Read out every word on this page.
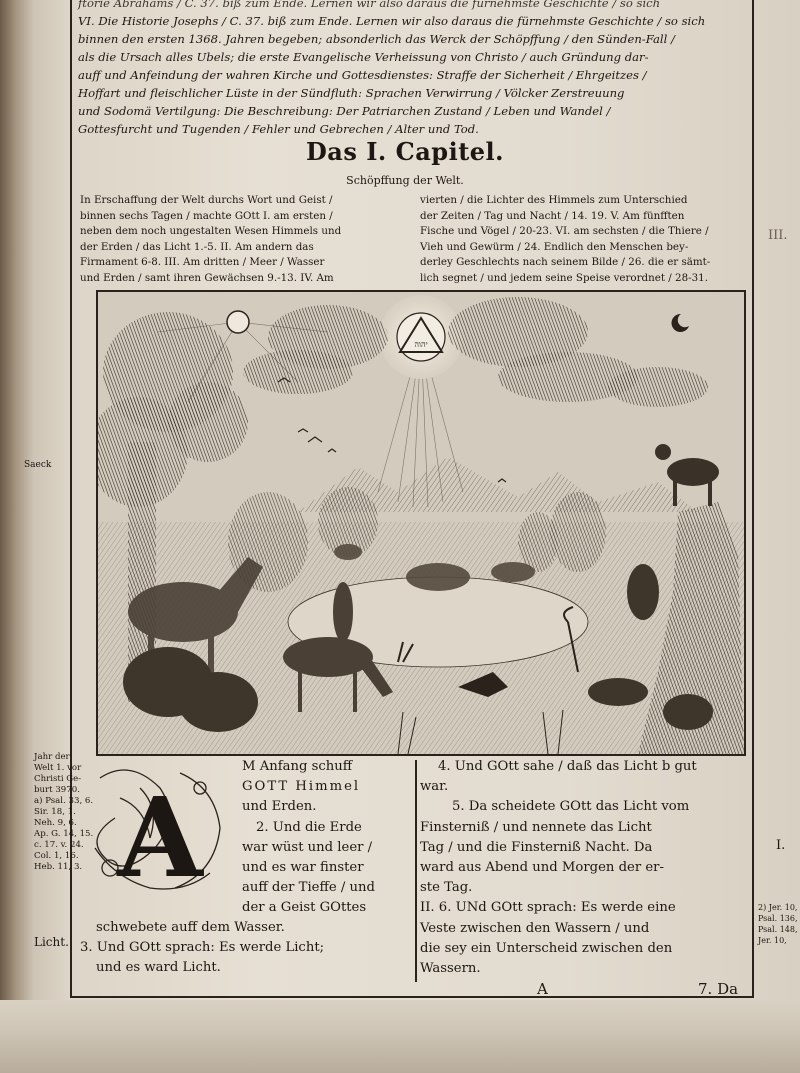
ftorie Abrahams / C. 37. biß zum Ende. Lernen wir also daraus die fürnehmste Geschichte / so sich
VI. Die Historie Josephs / C. 37. biß zum Ende. Lernen wir also daraus die fürnehmste Geschichte / so sich
binnen den ersten 1368. Jahren begeben; absonderlich das Werck der Schöpffung / den Sünden-Fall /
als die Ursach alles Ubels; die erste Evangelische Verheissung von Christo / auch Gründung dar-
auff und Anfeindung der wahren Kirche und Gottesdienstes: Straffe der Sicherheit / Ehrgeitzes /
Hoffart und fleischlicher Lüste in der Sündfluth: Sprachen Verwirrung / Völcker Zerstreuung
und Sodomä Vertilgung: Die Beschreibung: Der Patriarchen Zustand / Leben und Wandel /
Gottesfurcht und Tugenden / Fehler und Gebrechen / Alter und Tod.
Das I. Capitel.
Schöpffung der Welt.
In Erschaffung der Welt durchs Wort und Geist /
binnen sechs Tagen / machte GOtt I. am ersten /
neben dem noch ungestalten Wesen Himmels und
der Erden / das Licht 1.-5. II. Am andern das
Firmament 6-8. III. Am dritten / Meer / Wasser
und Erden / samt ihren Gewächsen 9.-13. IV. Am
vierten / die Lichter des Himmels zum Unterschied
der Zeiten / Tag und Nacht / 14. 19. V. Am fünfften
Fische und Vögel / 20-23. VI. am sechsten / die Thiere /
Vieh und Gewürm / 24. Endlich den Menschen bey-
derley Geschlechts nach seinem Bilde / 26. die er sämt-
lich segnet / und jedem seine Speise verordnet / 28-31.
יהוה
A
M Anfang schuff
GOTT Himmel
und Erden.
2. Und die Erde
war wüst und leer /
und es war finster
auff der Tieffe / und
der a Geist GOttes
schwebete auff dem Wasser.
3. Und GOtt sprach: Es werde Licht;
und es ward Licht.
4. Und GOtt sahe / daß das Licht b gut
war.
5. Da scheidete GOtt das Licht vom
Finsterniß / und nennete das Licht
Tag / und die Finsterniß Nacht. Da
ward aus Abend und Morgen der er-
ste Tag.
II. 6. UNd GOtt sprach: Es werde eine
Veste zwischen den Wassern / und
die sey ein Unterscheid zwischen den
Wassern.
Jahr der
Welt 1. vor
Christi Ge-
burt 3970.
a) Psal. 33, 6.
Sir. 18, 1.
Neh. 9, 6.
Ap. G. 14, 15.
c. 17. v. 24.
Col. 1, 16.
Heb. 11, 3.
Licht.
I.
2) Jer. 10,
Psal. 136,
Psal. 148,
Jer. 10,
III.
Saeck
A	7. Da
